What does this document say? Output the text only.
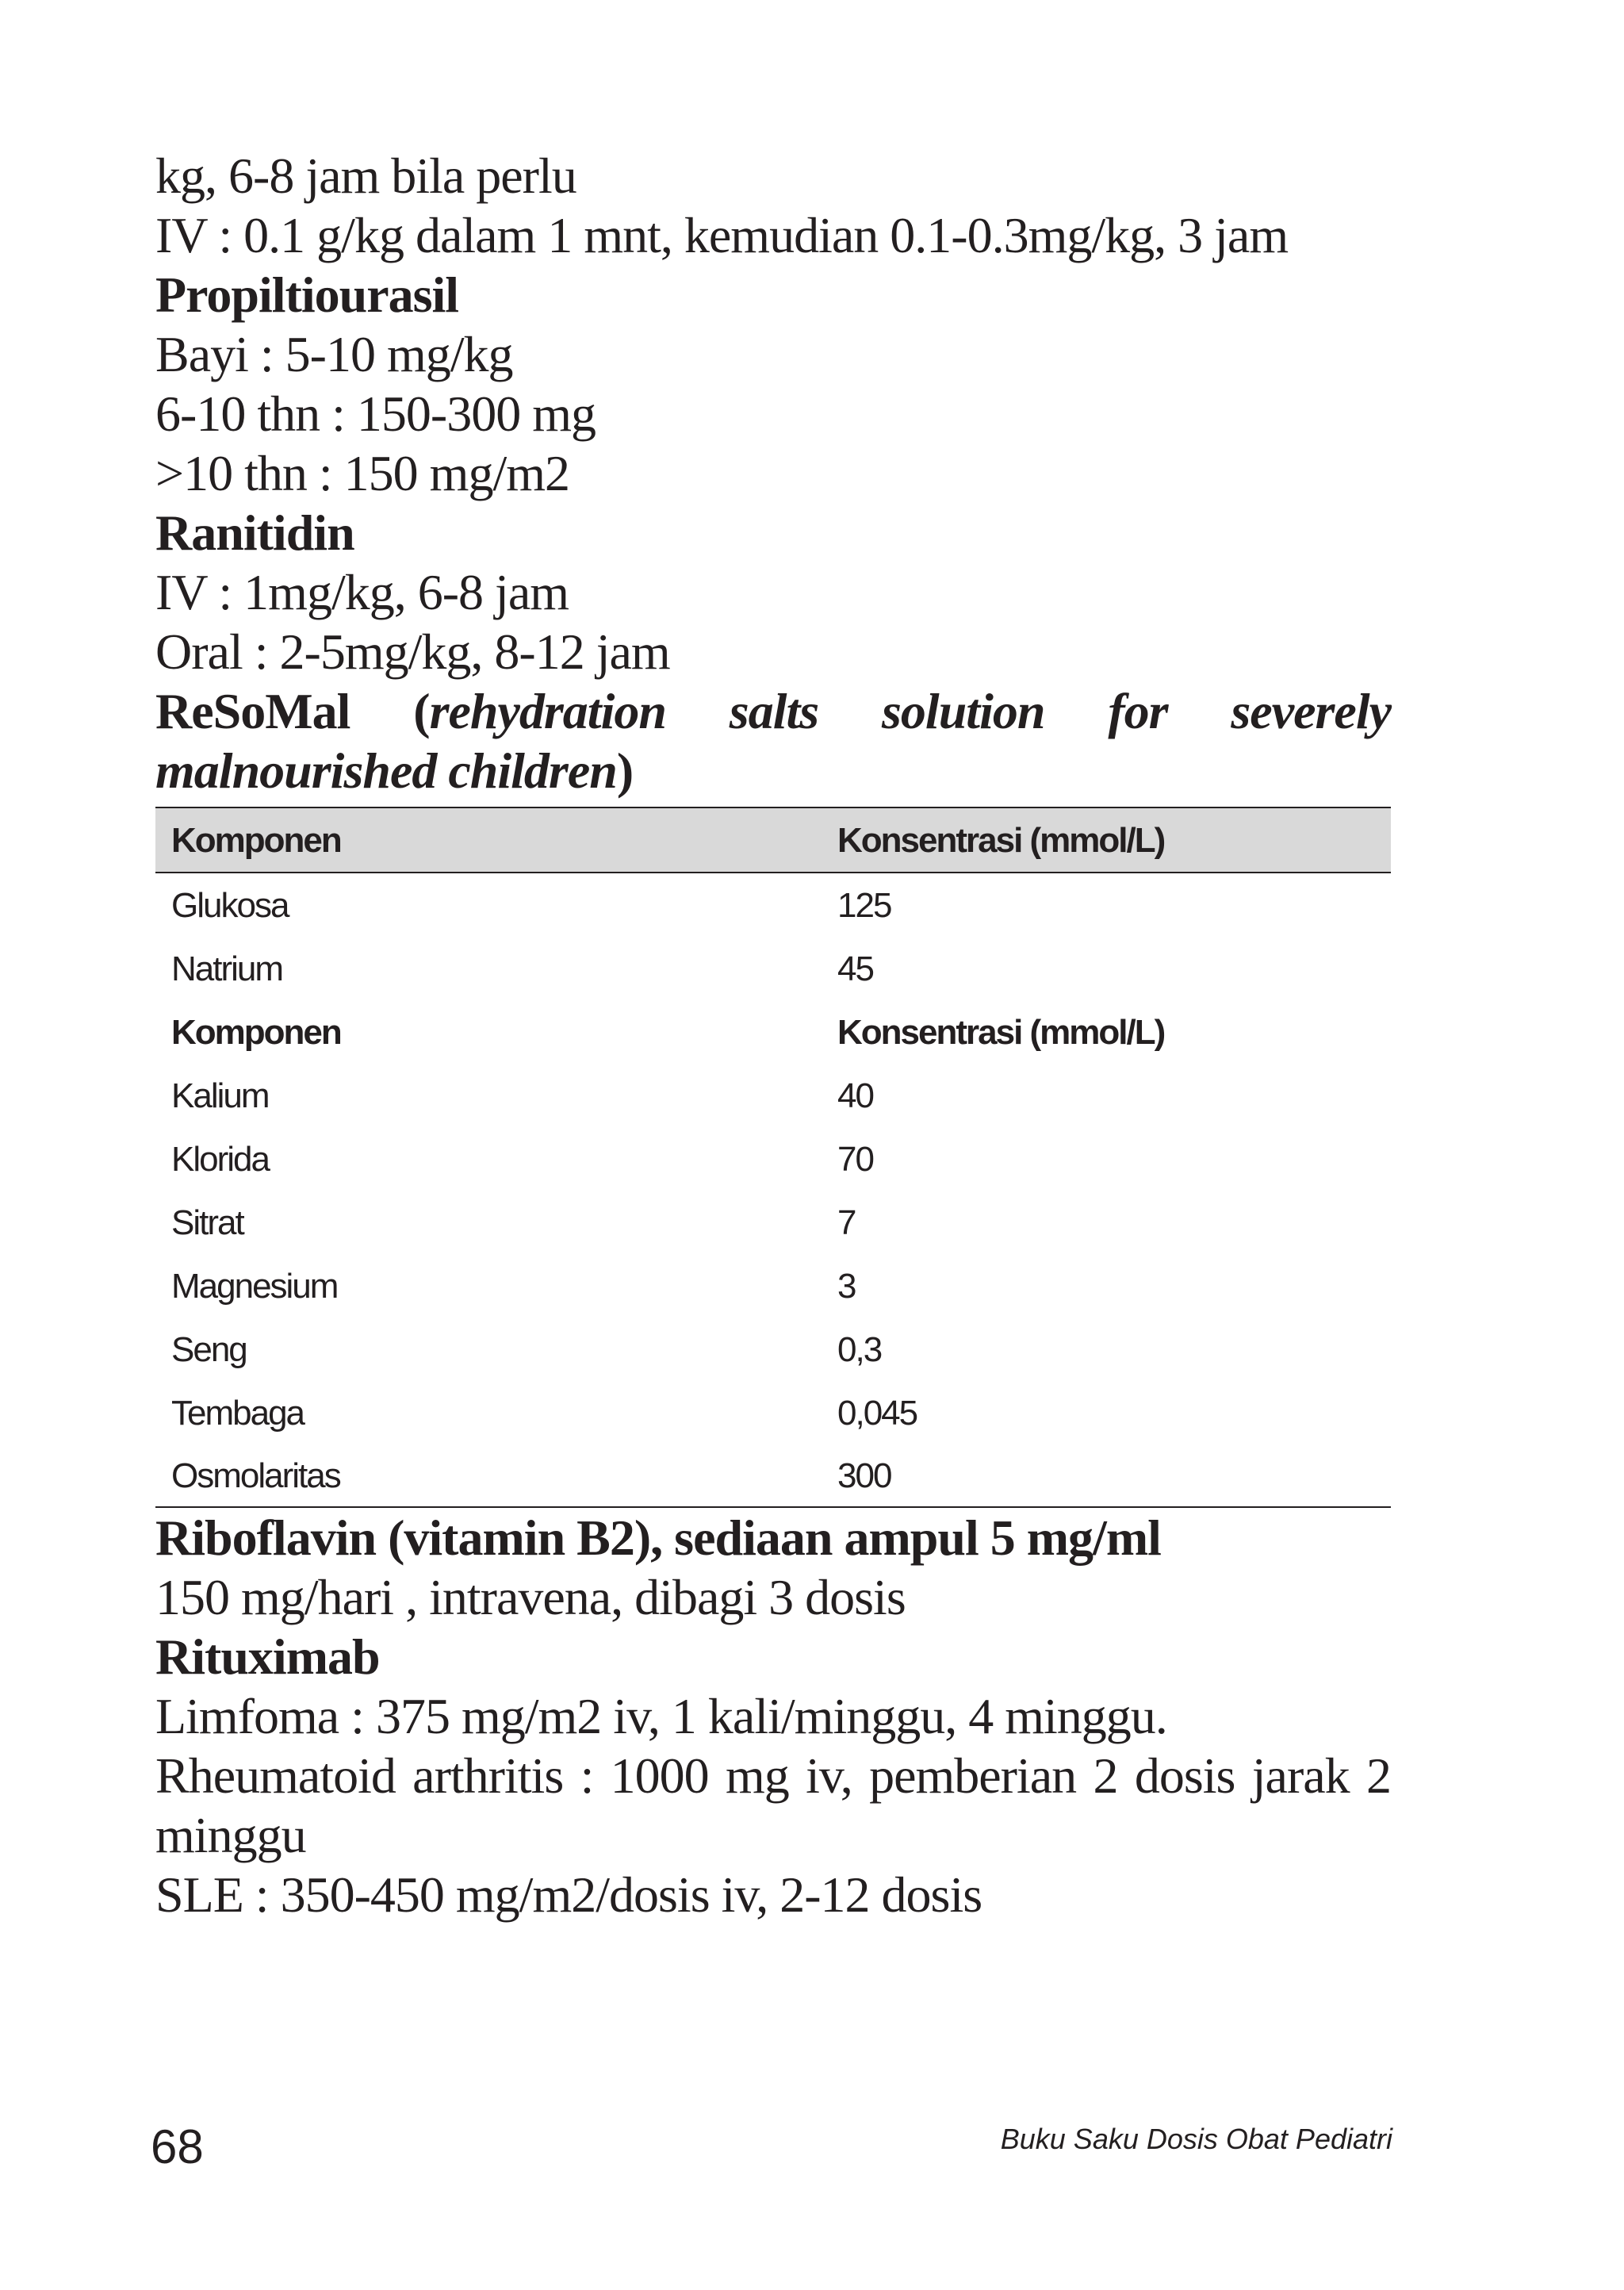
kg, 6-8 jam bila perlu
IV : 0.1 g/kg dalam 1 mnt, kemudian 0.1-0.3mg/kg, 3 jam
Propiltiourasil
Bayi : 5-10 mg/kg
6-10 thn : 150-300 mg
>10 thn : 150 mg/m2
Ranitidin
IV : 1mg/kg, 6-8 jam
Oral : 2-5mg/kg, 8-12 jam
ReSoMal (rehydration salts solution for severely malnourished children)
Komponen	Konsentrasi (mmol/L)
Glukosa	125
Natrium	45
Komponen	Konsentrasi (mmol/L)
Kalium	40
Klorida	70
Sitrat	7
Magnesium	3
Seng	0,3
Tembaga	0,045
Osmolaritas	300
Riboflavin (vitamin B2), sediaan ampul 5 mg/ml
150 mg/hari , intravena, dibagi 3 dosis
Rituximab
Limfoma : 375 mg/m2 iv, 1 kali/minggu, 4 minggu.
Rheumatoid arthritis : 1000 mg iv, pemberian 2 dosis jarak 2 minggu
SLE : 350-450 mg/m2/dosis iv, 2-12 dosis
68	Buku Saku Dosis Obat Pediatri
